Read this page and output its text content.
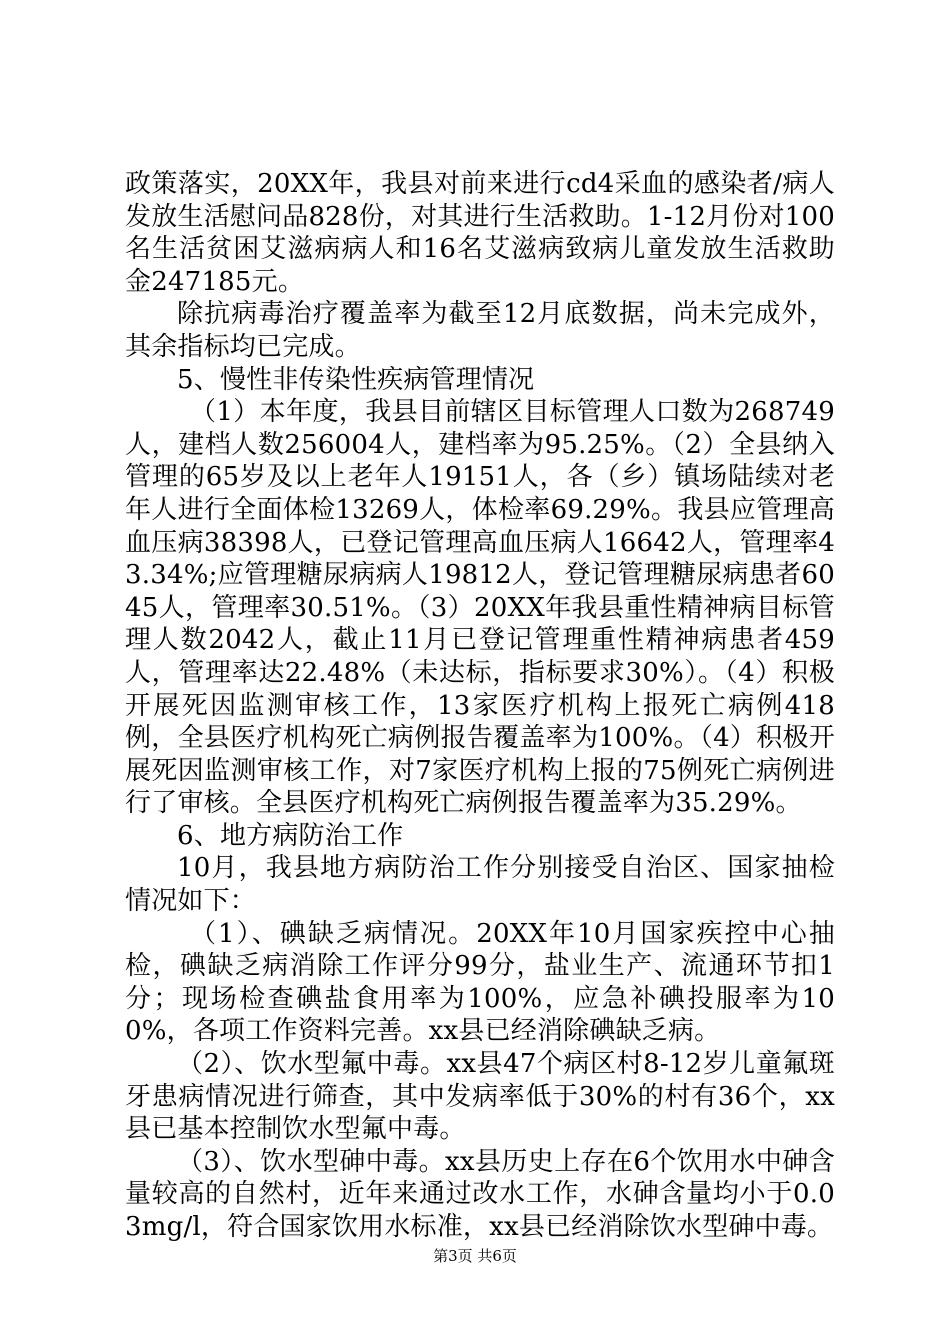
政策落实，20XX年，我县对前来进行cd4采血的感染者/病人发放生活慰问品828份，对其进行生活救助。1-12月份对100名生活贫困艾滋病病人和16名艾滋病致病儿童发放生活救助金247185元。

除抗病毒治疗覆盖率为截至12月底数据，尚未完成外，其余指标均已完成。

5、慢性非传染性疾病管理情况

（1）本年度，我县目前辖区目标管理人口数为268749人，建档人数256004人，建档率为95.25%。（2）全县纳入管理的65岁及以上老年人19151人，各（乡）镇场陆续对老年人进行全面体检13269人，体检率69.29%。我县应管理高血压病38398人，已登记管理高血压病人16642人，管理率43.34%;应管理糖尿病病人19812人，登记管理糖尿病患者6045人，管理率30.51%。（3）20XX年我县重性精神病目标管理人数2042人，截止11月已登记管理重性精神病患者459人，管理率达22.48%（未达标，指标要求30%）。（4）积极开展死因监测审核工作，13家医疗机构上报死亡病例418例，全县医疗机构死亡病例报告覆盖率为100%。（4）积极开展死因监测审核工作，对7家医疗机构上报的75例死亡病例进行了审核。全县医疗机构死亡病例报告覆盖率为35.29%。

6、地方病防治工作

10月，我县地方病防治工作分别接受自治区、国家抽检情况如下：

（1）、碘缺乏病情况。20XX年10月国家疾控中心抽检，碘缺乏病消除工作评分99分，盐业生产、流通环节扣1分；现场检查碘盐食用率为100%，应急补碘投服率为100%，各项工作资料完善。xx县已经消除碘缺乏病。

（2）、饮水型氟中毒。xx县47个病区村8-12岁儿童氟斑牙患病情况进行筛查，其中发病率低于30%的村有36个，xx县已基本控制饮水型氟中毒。

（3）、饮水型砷中毒。xx县历史上存在6个饮用水中砷含量较高的自然村，近年来通过改水工作，水砷含量均小于0.03mg/l，符合国家饮用水标准，xx县已经消除饮水型砷中毒。

第3页 共6页
